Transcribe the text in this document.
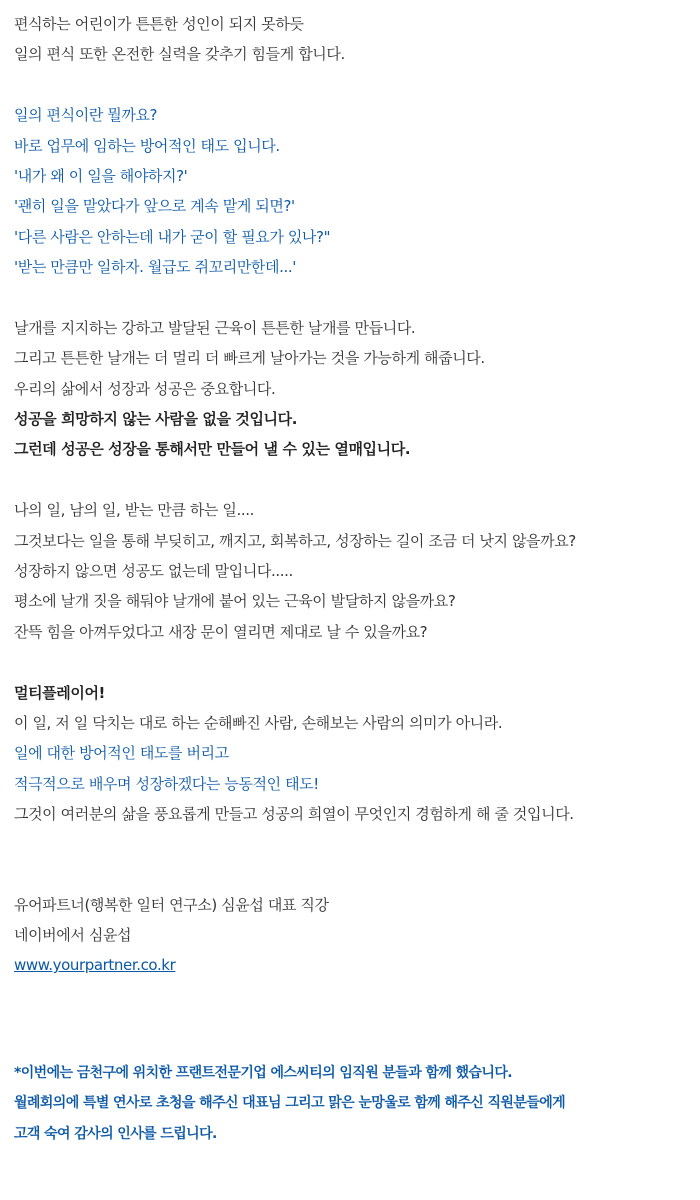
편식하는 어린이가 튼튼한 성인이 되지 못하듯
일의 편식 또한 온전한 실력을 갖추기 힘들게 합니다.
일의 편식이란 뭘까요?
바로 업무에 임하는 방어적인 태도 입니다.
'내가 왜 이 일을 해야하지?'
'괜히 일을 맡았다가 앞으로 계속 맡게 되면?'
'다른 사람은 안하는데 내가 굳이 할 필요가 있나?"
'받는 만큼만 일하자. 월급도 쥐꼬리만한데...'
날개를 지지하는 강하고 발달된 근육이 튼튼한 날개를 만듭니다.
그리고 튼튼한 날개는 더 멀리 더 빠르게 날아가는 것을 가능하게 해줍니다.
우리의 삶에서 성장과 성공은 중요합니다.
성공을 희망하지 않는 사람을 없을 것입니다.
그런데 성공은 성장을 통해서만 만들어 낼 수 있는 열매입니다.
나의 일, 남의 일, 받는 만큼 하는 일....
그것보다는 일을 통해 부딪히고, 깨지고, 회복하고, 성장하는 길이 조금 더 낫지 않을까요?
성장하지 않으면 성공도 없는데 말입니다.....
평소에 날개 짓을 해둬야 날개에 붙어 있는 근육이 발달하지 않을까요?
잔뜩 힘을 아껴두었다고 새장 문이 열리면 제대로 날 수 있을까요?
멀티플레이어!
이 일, 저 일 닥치는 대로 하는 순해빠진 사람, 손해보는 사람의 의미가 아니라.
일에 대한 방어적인 태도를 버리고
적극적으로 배우며 성장하겠다는 능동적인 태도!
그것이 여러분의 삶을 풍요롭게 만들고 성공의 희열이 무엇인지 경험하게 해 줄 것입니다.
유어파트너(행복한 일터 연구소) 심윤섭 대표 직강
네이버에서 심윤섭
www.yourpartner.co.kr
*이번에는 금천구에 위치한 프랜트전문기업 에스씨티의 임직원 분들과 함께 했습니다.
월례회의에 특별 연사로 초청을 해주신 대표님 그리고 맑은 눈망울로 함께 해주신 직원분들에게
고객 숙여 감사의 인사를 드립니다.
